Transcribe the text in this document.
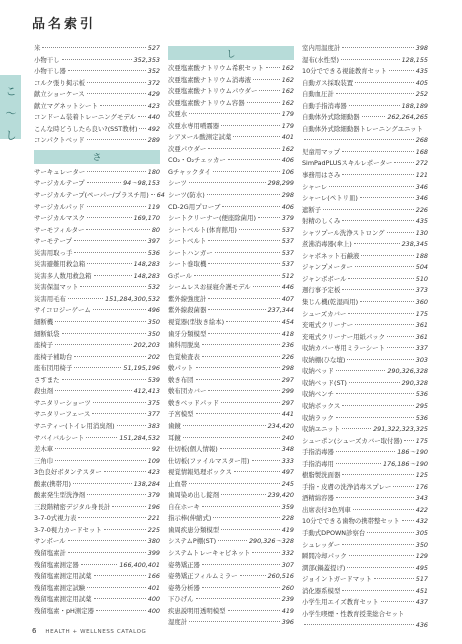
品名索引
こ
〜
し
米	527
小物干し	352,353
小物干し器	352
コルク張り掲示板	372
献立ショーケース	429
献立マグネットシート	423
コンドーム装着トレーニングモデル 440
こんな時どうしたら良い?(SST教材) 492
コンパクトベッド	289
さ
サーキュレーター	180
サージカルテープ	94〜98,153
サージカルテープ(ペーパー/プラスチ用) 64
サージカルパッド	119
サージカルマスク	169,170
サーモフィルター	80
サーモテープ	397
災害用取っ手	536
災害避難用救急箱	148,283
災害多人数用救急箱	148,283
災害保温マット	532
災害用毛布	151,284,300,532
サイコロジーゲーム	496
細断機	350
細断紙袋	350
座椅子	202,203
座椅子補助台	202
座布団用椅子	51,195,196
さすまた	539
殺虫剤	412,413
サニタリーショーツ	375
サニタリーフェース	377
サニティー(トイレ用消臭剤)	383
サバイバルシート	151,284,532
差木車	92
三角巾	109
3色良好ボタンテスター	423
酸素(携帯用)	138,284
酸素発生型洗浄剤	379
三段階精密デジタル身長計	196
3-7-0式視力表	221
3-7-0視力カードセット	225
サンボール	380
残留塩素計	399
残留塩素測定器	166,400,401
残留塩素測定用試薬	166
残留塩素測定試験	401
残留塩素測定用試薬	400
残留塩素・pH測定器	400
し
次亜塩素酸ナトリウム希釈セット	162
次亜塩素酸ナトリウム消毒液	162
次亜塩素酸ナトリウムパウダー	162
次亜塩素酸ナトリウム容器	162
次亜水	179
次亜水専用噴霧器	179
シアヌール酸測定試薬	401
次亜パウダー	162
CO₂・O₂チェッカー	406
Gチャックタイ	106
シーツ	298,299
シーツ(防水)	298
CD-2G用プローブ	406
シートクリーナー(便座除菌用)	379
シートベルト(体育館用)	537
シートベルト	537
シートハンガー	537
シート巻取機	537
Gボール	512
シームレスお昼寝介護モデル	446
紫外線強度計	407
紫外線殺菌器	237,344
視覚器(型抜き絵本)	454
歯牙分類模型	418
歯科用脱臭	236
色覚検査表	226
敷パット	298
敷き布団	297
敷布団カバー	299
敷きベッドパッド	297
子宮模型	441
歯鏡	234,420
耳鏡	240
仕切板(個人情報)	348
仕切板(ファイルマスター用)	333
視覚情報処理ボックス	497
止血帯	245
歯周染め出し錠剤	239,420
自在ホーキ	359
指示棒(伸縮式)	228
歯周疾患分類模型	419
システムP棚(ST)	290,326〜328
システムトレーキャビネット	332
姿勢矯正器	307
姿勢矯正フィルムミラー	260,516
姿勢分析器	260
下ひげん	239
疾患説明用透明模型	419
湿度計	396
室内用温度計	398
湿布(水性型)	128,155
10分でできる視能教育セット	435
自動ガス採取装置	405
自動血圧計	252
自動手指消毒器	188,189
自動体外式除細動器	262,264,265
自動体外式除細動器トレーニングユニット
268
児童用マップ	168
SimPadPLUSスキルレポーター	272
事務用はさみ	121
シャーレ	346
シャーレ(ペトリ皿)	346
遮断子	226
射精のしくみ	435
シャツプール洗浄ストロング	130
煮沸消毒器(傘上)	238,345
シャボネット石鹸液	188
ジャンプメーター	504
ジャンボボール	510
週行事予定板	373
集じん機(乾湿両用)	360
シューズカバー	175
充電式クリーナー	361
充電式クリーナー用紙パック	361
収納カバー専用ミラーシート	337
収納棚(ひな壇)	303
収納ベッド	290,326,328
収納ベッド(ST)	290,328
収納ベンチ	536
収納ボックス	295
収納ラック	536
収納ユニット	291,322,323,325
シューポン(シューズカバー取付器) 175
手指消毒器	186〜190
手指消毒用	176,186〜190
樹脂製洗面器	125
手指・皮膚の洗浄消毒スプレー	176
酒精綿容器	343
出席表付3色列車	422
10分でできる歯物の携帯整セット	432
手動式DPOWN診察台	305
シュレッダー	350
瞬間冷却パック	129
潤部(鍋蓋提げ)	495
ジョイントガードマット	517
消化器系模型	451
小学生用エイズ教育セット	437
小学生喫煙・性教育授業総合セット
436
6 HEALTH + WELLNESS CATALOG
